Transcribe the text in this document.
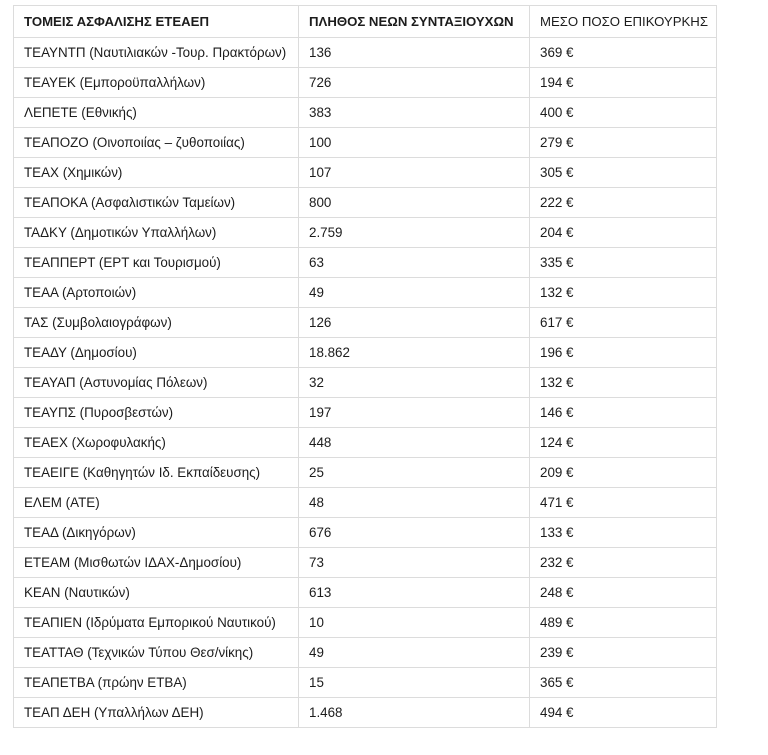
ΤΟΜΕΙΣ ΑΣΦΑΛΙΣΗΣ ΕΤΕΑΕΠ	ΠΛΗΘΟΣ ΝΕΩΝ ΣΥΝΤΑΞΙΟΥΧΩΝ	ΜΕΣΟ ΠΟΣΟ ΕΠΙΚΟΥΡΚΗΣ
ΤΕΑΥΝΤΠ (Ναυτιλιακών -Τουρ. Πρακτόρων)	136	369 €
ΤΕΑΥΕΚ (Εμποροϋπαλλήλων)	726	194 €
ΛΕΠΕΤΕ (Εθνικής)	383	400 €
ΤΕΑΠΟΖΟ (Οινοποιίας – ζυθοποιίας)	100	279 €
ΤΕΑΧ (Χημικών)	107	305 €
ΤΕΑΠΟΚΑ (Ασφαλιστικών Ταμείων)	800	222 €
ΤΑΔΚΥ (Δημοτικών Υπαλλήλων)	2.759	204 €
ΤΕΑΠΠΕΡΤ (ΕΡΤ και Τουρισμού)	63	335 €
ΤΕΑΑ (Αρτοποιών)	49	132 €
ΤΑΣ (Συμβολαιογράφων)	126	617 €
ΤΕΑΔΥ (Δημοσίου)	18.862	196 €
ΤΕΑΥΑΠ (Αστυνομίας Πόλεων)	32	132 €
ΤΕΑΥΠΣ (Πυροσβεστών)	197	146 €
ΤΕΑΕΧ (Χωροφυλακής)	448	124 €
ΤΕΑΕΙΓΕ (Καθηγητών Ιδ. Εκπαίδευσης)	25	209 €
ΕΛΕΜ (ΑΤΕ)	48	471 €
ΤΕΑΔ (Δικηγόρων)	676	133 €
ΕΤΕΑΜ (Μισθωτών ΙΔΑΧ-Δημοσίου)	73	232 €
ΚΕΑΝ (Ναυτικών)	613	248 €
ΤΕΑΠΙΕΝ (Ιδρύματα Εμπορικού Ναυτικού)	10	489 €
ΤΕΑΤΤΑΘ (Τεχνικών Τύπου Θεσ/νίκης)	49	239 €
ΤΕΑΠΕΤΒΑ (πρώην ΕΤΒΑ)	15	365 €
ΤΕΑΠ ΔΕΗ (Υπαλλήλων ΔΕΗ)	1.468	494 €
